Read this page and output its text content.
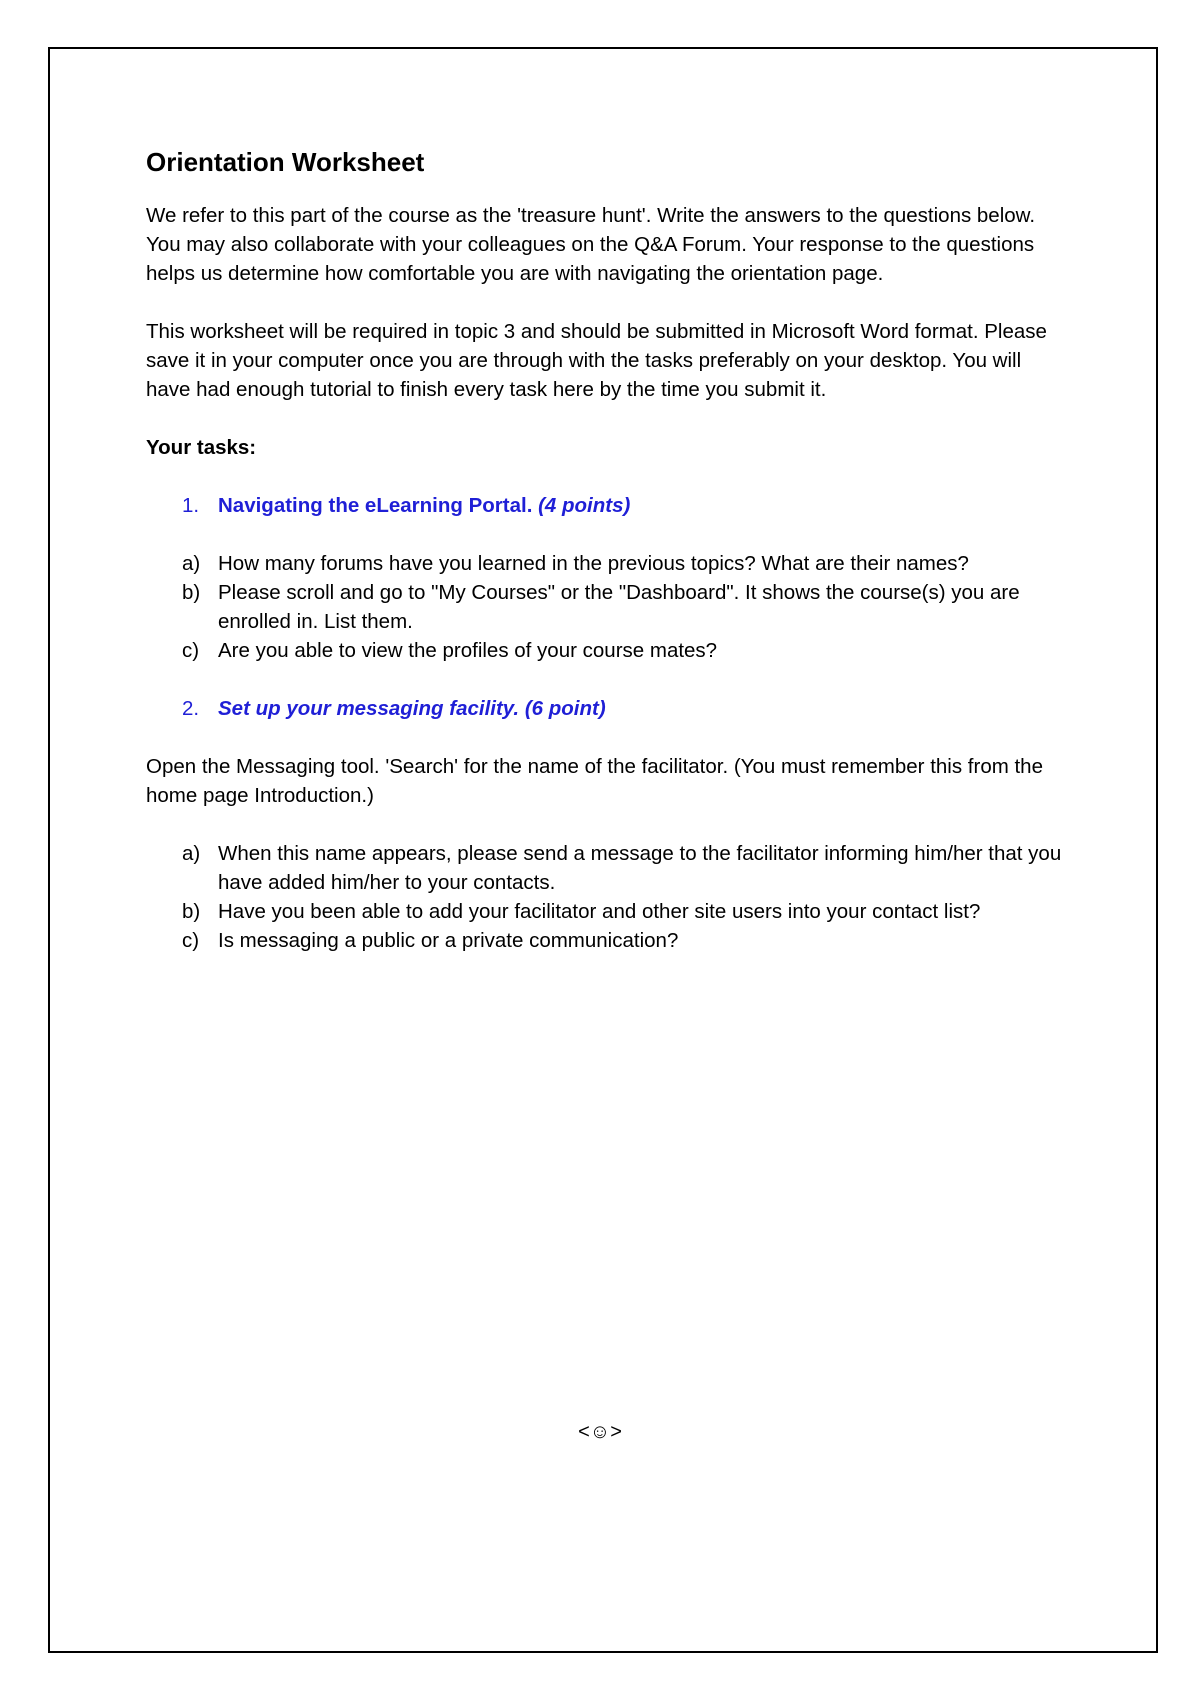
Orientation Worksheet

We refer to this part of the course as the 'treasure hunt'. Write the answers to the questions below. You may also collaborate with your colleagues on the Q&A Forum. Your response to the questions helps us determine how comfortable you are with navigating the orientation page.

This worksheet will be required in topic 3 and should be submitted in Microsoft Word format. Please save it in your computer once you are through with the tasks preferably on your desktop. You will have had enough tutorial to finish every task here by the time you submit it.

Your tasks:

1. Navigating the eLearning Portal. (4 points)
a) How many forums have you learned in the previous topics? What are their names?
b) Please scroll and go to "My Courses" or the "Dashboard". It shows the course(s) you are enrolled in. List them.
c) Are you able to view the profiles of your course mates?
2. Set up your messaging facility. (6 point)

Open the Messaging tool. 'Search' for the name of the facilitator. (You must remember this from the home page Introduction.)

a) When this name appears, please send a message to the facilitator informing him/her that you have added him/her to your contacts.
b) Have you been able to add your facilitator and other site users into your contact list?
c) Is messaging a public or a private communication?
<☺>
